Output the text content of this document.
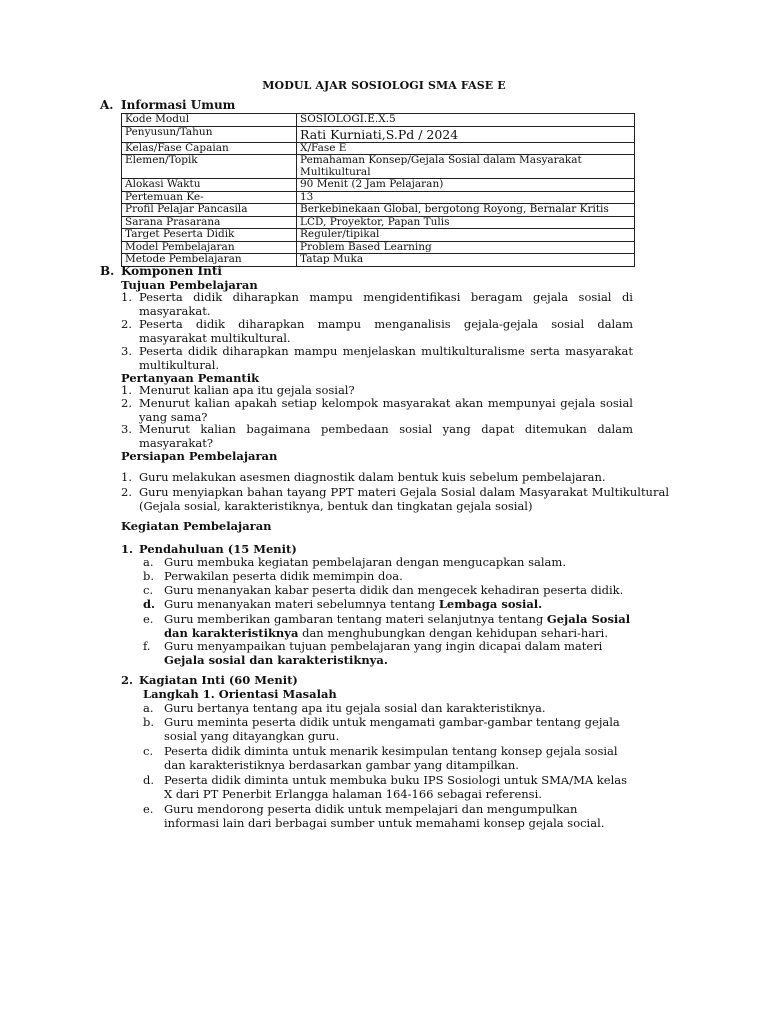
MODUL AJAR SOSIOLOGI SMA FASE E
A. Informasi Umum
Kode Modul	SOSIOLOGI.E.X.5
Penyusun/Tahun	Rati Kurniati,S.Pd / 2024
Kelas/Fase Capaian	X/Fase E
Elemen/Topik	Pemahaman Konsep/Gejala Sosial dalam Masyarakat Multikultural
Alokasi Waktu	90 Menit (2 Jam Pelajaran)
Pertemuan Ke-	13
Profil Pelajar Pancasila	Berkebinekaan Global, bergotong Royong, Bernalar Kritis
Sarana Prasarana	LCD, Proyektor, Papan Tulis
Target Peserta Didik	Reguler/tipikal
Model Pembelajaran	Problem Based Learning
Metode Pembelajaran	Tatap Muka
B. Komponen Inti
Tujuan Pembelajaran
1. Peserta didik diharapkan mampu mengidentifikasi beragam gejala sosial di masyarakat.
2. Peserta didik diharapkan mampu menganalisis gejala-gejala sosial dalam masyarakat multikultural.
3. Peserta didik diharapkan mampu menjelaskan multikulturalisme serta masyarakat multikultural.
Pertanyaan Pemantik
1. Menurut kalian apa itu gejala sosial?
2. Menurut kalian apakah setiap kelompok masyarakat akan mempunyai gejala sosial yang sama?
3. Menurut kalian bagaimana pembedaan sosial yang dapat ditemukan dalam masyarakat?
Persiapan Pembelajaran
1. Guru melakukan asesmen diagnostik dalam bentuk kuis sebelum pembelajaran.
2. Guru menyiapkan bahan tayang PPT materi Gejala Sosial dalam Masyarakat Multikultural (Gejala sosial, karakteristiknya, bentuk dan tingkatan gejala sosial)
Kegiatan Pembelajaran
1. Pendahuluan (15 Menit)
a. Guru membuka kegiatan pembelajaran dengan mengucapkan salam.
b. Perwakilan peserta didik memimpin doa.
c. Guru menanyakan kabar peserta didik dan mengecek kehadiran peserta didik.
d. Guru menanyakan materi sebelumnya tentang Lembaga sosial.
e. Guru memberikan gambaran tentang materi selanjutnya tentang Gejala Sosial dan karakteristiknya dan menghubungkan dengan kehidupan sehari-hari.
f. Guru menyampaikan tujuan pembelajaran yang ingin dicapai dalam materi Gejala sosial dan karakteristiknya.
2. Kagiatan Inti (60 Menit)
Langkah 1. Orientasi Masalah
a. Guru bertanya tentang apa itu gejala sosial dan karakteristiknya.
b. Guru meminta peserta didik untuk mengamati gambar-gambar tentang gejala sosial yang ditayangkan guru.
c. Peserta didik diminta untuk menarik kesimpulan tentang konsep gejala sosial dan karakteristiknya berdasarkan gambar yang ditampilkan.
d. Peserta didik diminta untuk membuka buku IPS Sosiologi untuk SMA/MA kelas X dari PT Penerbit Erlangga halaman 164-166 sebagai referensi.
e. Guru mendorong peserta didik untuk mempelajari dan mengumpulkan informasi lain dari berbagai sumber untuk memahami konsep gejala social.
